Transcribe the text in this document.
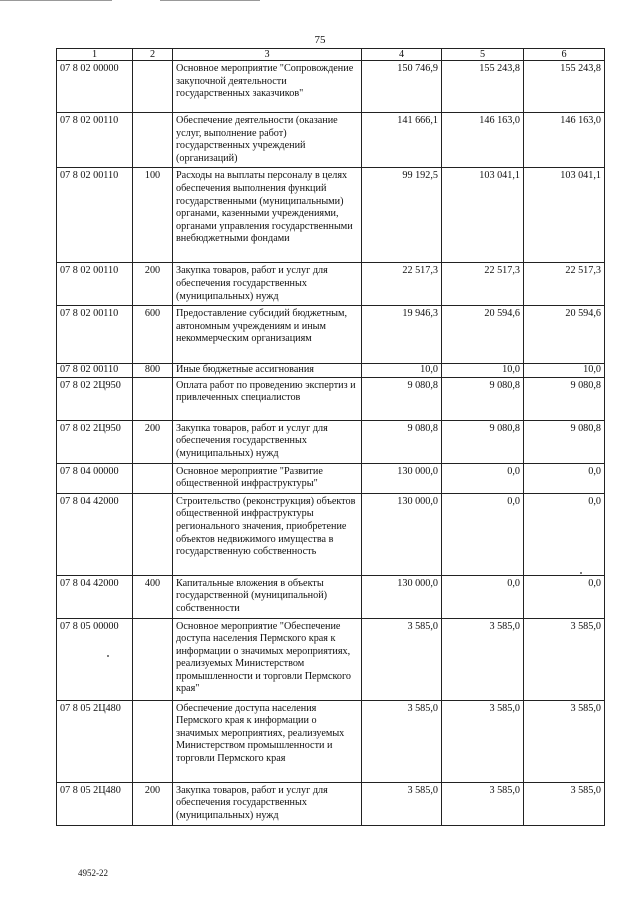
75
1	2	3	4	5	6
07 8 02 00000		Основное мероприятие "Сопровождение закупочной деятельности государственных заказчиков"	150 746,9	155 243,8	155 243,8
07 8 02 00110		Обеспечение деятельности (оказание услуг, выполнение работ) государственных учреждений (организаций)	141 666,1	146 163,0	146 163,0
07 8 02 00110	100	Расходы на выплаты персоналу в целях обеспечения выполнения функций государственными (муниципальными) органами, казенными учреждениями, органами управления государственными внебюджетными фондами	99 192,5	103 041,1	103 041,1
07 8 02 00110	200	Закупка товаров, работ и услуг для обеспечения государственных (муниципальных) нужд	22 517,3	22 517,3	22 517,3
07 8 02 00110	600	Предоставление субсидий бюджетным, автономным учреждениям и иным некоммерческим организациям	19 946,3	20 594,6	20 594,6
07 8 02 00110	800	Иные бюджетные ассигнования	10,0	10,0	10,0
07 8 02 2Ц950		Оплата работ по проведению экспертиз и привлеченных специалистов	9 080,8	9 080,8	9 080,8
07 8 02 2Ц950	200	Закупка товаров, работ и услуг для обеспечения государственных (муниципальных) нужд	9 080,8	9 080,8	9 080,8
07 8 04 00000		Основное мероприятие "Развитие общественной инфраструктуры"	130 000,0	0,0	0,0
07 8 04 42000		Строительство (реконструкция) объектов общественной инфраструктуры регионального значения, приобретение объектов недвижимого имущества в государственную собственность	130 000,0	0,0	0,0
07 8 04 42000	400	Капитальные вложения в объекты государственной (муниципальной) собственности	130 000,0	0,0	0,0
07 8 05 00000		Основное мероприятие "Обеспечение доступа населения Пермского края к информации о значимых мероприятиях, реализуемых Министерством промышленности и торговли Пермского края"	3 585,0	3 585,0	3 585,0
07 8 05 2Ц480		Обеспечение доступа населения Пермского края к информации о значимых мероприятиях, реализуемых Министерством промышленности и торговли Пермского края	3 585,0	3 585,0	3 585,0
07 8 05 2Ц480	200	Закупка товаров, работ и услуг для обеспечения государственных (муниципальных) нужд	3 585,0	3 585,0	3 585,0
4952-22
